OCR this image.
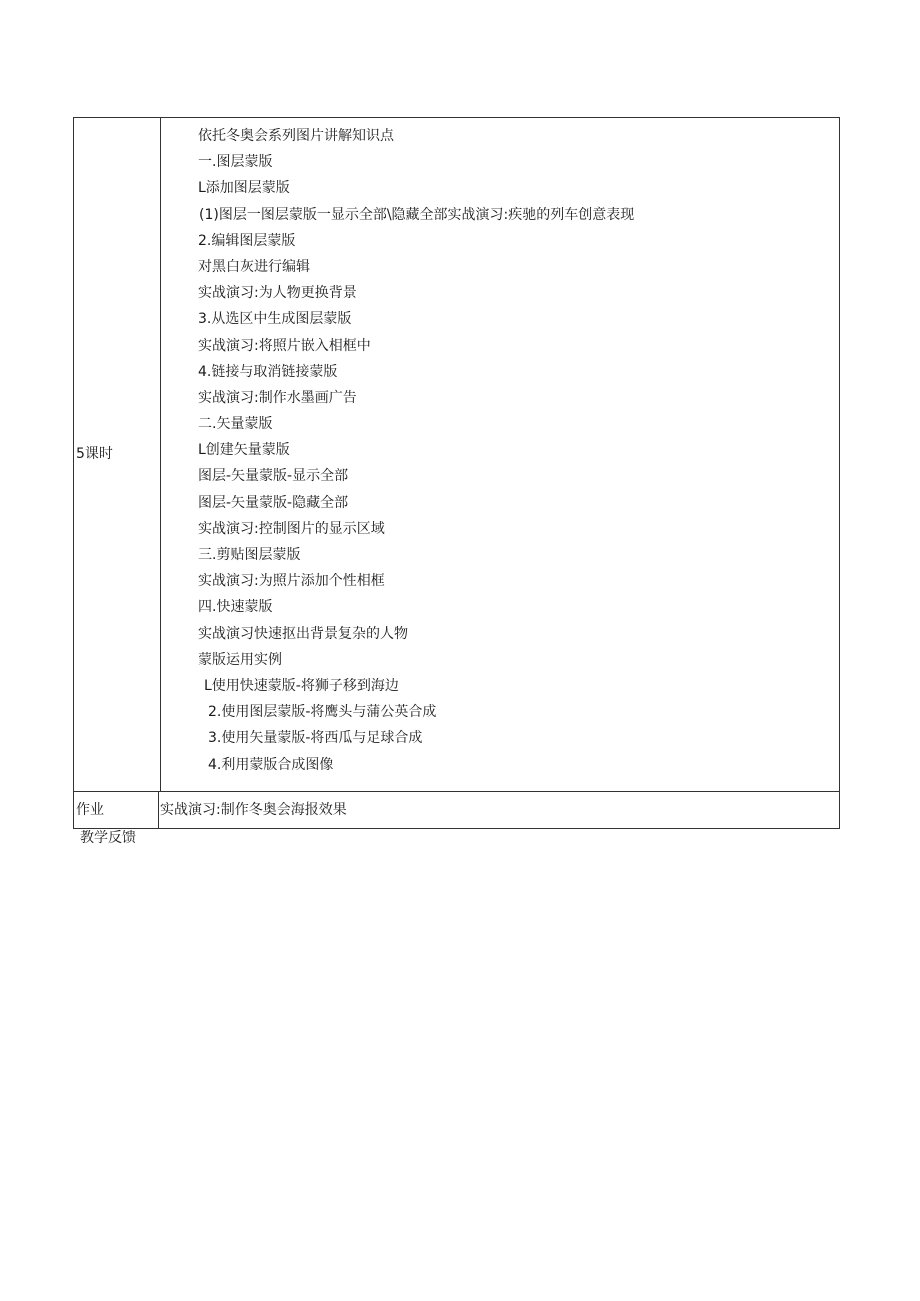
5课时
依托冬奥会系列图片讲解知识点
一.图层蒙版
L添加图层蒙版
(1)图层一图层蒙版一显示全部\隐藏全部实战演习:疾驰的列车创意表现
2.编辑图层蒙版
对黑白灰进行编辑
实战演习:为人物更换背景
3.从选区中生成图层蒙版
实战演习:将照片嵌入相框中
4.链接与取消链接蒙版
实战演习:制作水墨画广告
二.矢量蒙版
L创建矢量蒙版
图层-矢量蒙版-显示全部
图层-矢量蒙版-隐藏全部
实战演习:控制图片的显示区域
三.剪贴图层蒙版
实战演习:为照片添加个性相框
四.快速蒙版
实战演习快速抠出背景复杂的人物
蒙版运用实例
L使用快速蒙版-将狮子移到海边
2.使用图层蒙版-将鹰头与蒲公英合成
3.使用矢量蒙版-将西瓜与足球合成
4.利用蒙版合成图像
作业	实战演习:制作冬奥会海报效果
教学反馈
